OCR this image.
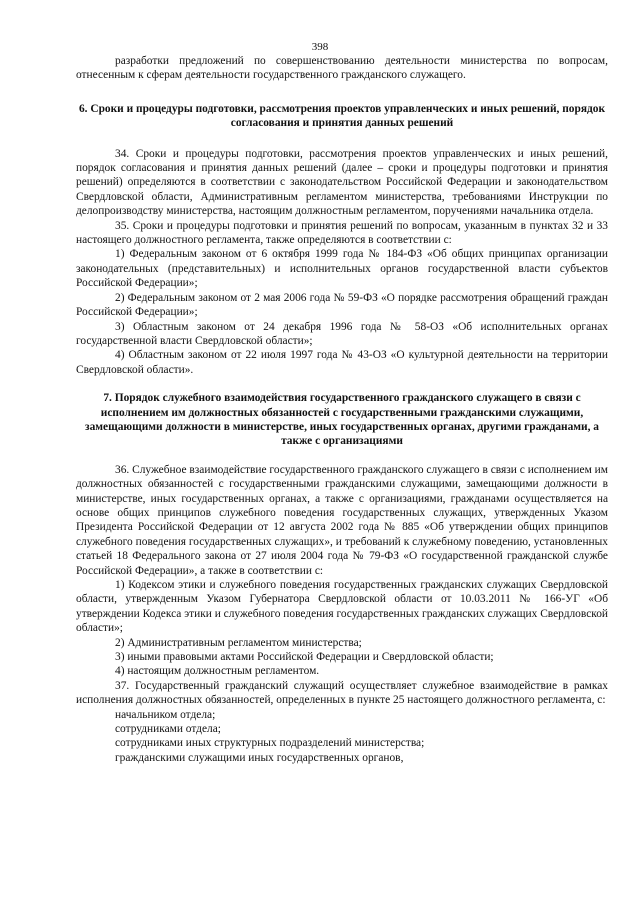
398

разработки предложений по совершенствованию деятельности министерства по вопросам, отнесенным к сферам деятельности государственного гражданского служащего.

6. Сроки и процедуры подготовки, рассмотрения проектов управленческих и иных решений, порядок согласования и принятия данных решений

34. Сроки и процедуры подготовки, рассмотрения проектов управленческих и иных решений, порядок согласования и принятия данных решений (далее – сроки и процедуры подготовки и принятия решений) определяются в соответствии с законодательством Российской Федерации и законодательством Свердловской области, Административным регламентом министерства, требованиями Инструкции по делопроизводству министерства, настоящим должностным регламентом, поручениями начальника отдела.

35. Сроки и процедуры подготовки и принятия решений по вопросам, указанным в пунктах 32 и 33 настоящего должностного регламента, также определяются в соответствии с:

1) Федеральным законом от 6 октября 1999 года № 184-ФЗ «Об общих принципах организации законодательных (представительных) и исполнительных органов государственной власти субъектов Российской Федерации»;

2) Федеральным законом от 2 мая 2006 года № 59-ФЗ «О порядке рассмотрения обращений граждан Российской Федерации»;

3) Областным законом от 24 декабря 1996 года № 58-ОЗ «Об исполнительных органах государственной власти Свердловской области»;

4) Областным законом от 22 июля 1997 года № 43-ОЗ «О культурной деятельности на территории Свердловской области».

7. Порядок служебного взаимодействия государственного гражданского служащего в связи с исполнением им должностных обязанностей с государственными гражданскими служащими, замещающими должности в министерстве, иных государственных органах, другими гражданами, а также с организациями

36. Служебное взаимодействие государственного гражданского служащего в связи с исполнением им должностных обязанностей с государственными гражданскими служащими, замещающими должности в министерстве, иных государственных органах, а также с организациями, гражданами осуществляется на основе общих принципов служебного поведения государственных служащих, утвержденных Указом Президента Российской Федерации от 12 августа 2002 года № 885 «Об утверждении общих принципов служебного поведения государственных служащих», и требований к служебному поведению, установленных статьей 18 Федерального закона от 27 июля 2004 года № 79-ФЗ «О государственной гражданской службе Российской Федерации», а также в соответствии с:

1) Кодексом этики и служебного поведения государственных гражданских служащих Свердловской области, утвержденным Указом Губернатора Свердловской области от 10.03.2011 № 166-УГ «Об утверждении Кодекса этики и служебного поведения государственных гражданских служащих Свердловской области»;

2) Административным регламентом министерства;

3) иными правовыми актами Российской Федерации и Свердловской области;

4) настоящим должностным регламентом.

37. Государственный гражданский служащий осуществляет служебное взаимодействие в рамках исполнения должностных обязанностей, определенных в пункте 25 настоящего должностного регламента, с:

начальником отдела;

сотрудниками отдела;

сотрудниками иных структурных подразделений министерства;

гражданскими служащими иных государственных органов,
